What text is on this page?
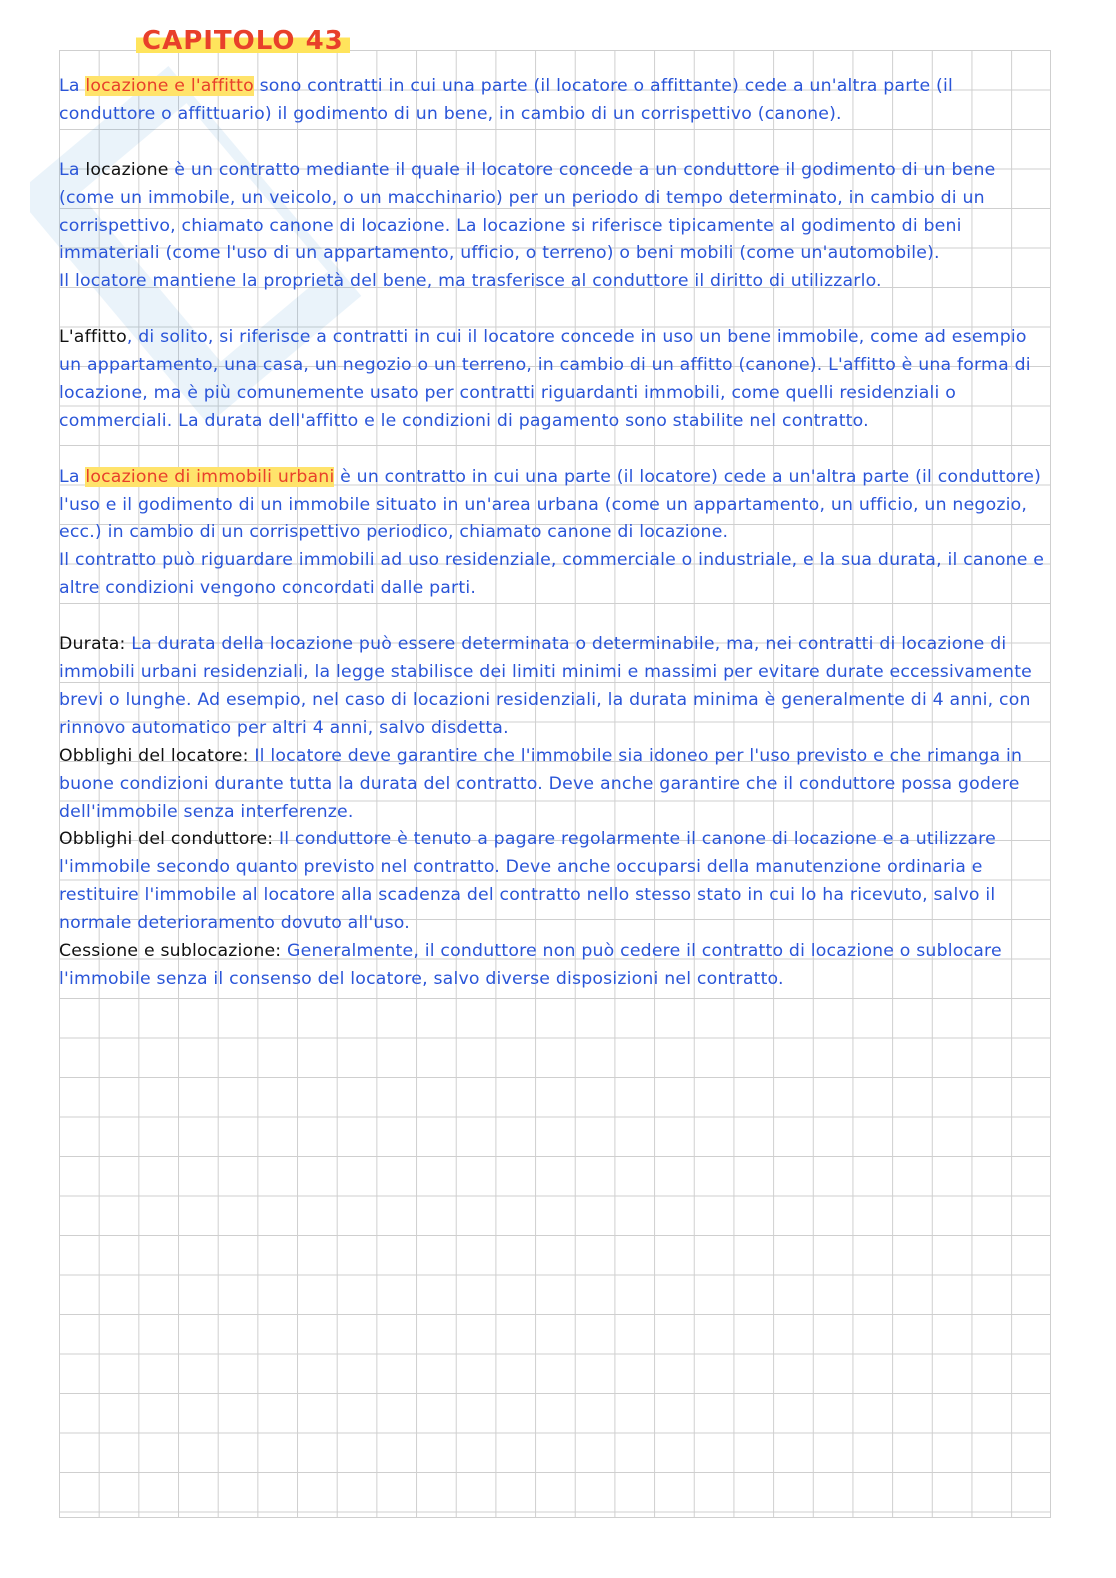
CAPITOLO 43

La locazione e l'affitto sono contratti in cui una parte (il locatore o affittante) cede a un'altra parte (il

conduttore o affittuario) il godimento di un bene, in cambio di un corrispettivo (canone).

La locazione è un contratto mediante il quale il locatore concede a un conduttore il godimento di un bene

(come un immobile, un veicolo, o un macchinario) per un periodo di tempo determinato, in cambio di un

corrispettivo, chiamato canone di locazione. La locazione si riferisce tipicamente al godimento di beni

immateriali (come l'uso di un appartamento, ufficio, o terreno) o beni mobili (come un'automobile).

Il locatore mantiene la proprietà del bene, ma trasferisce al conduttore il diritto di utilizzarlo.

L'affitto, di solito, si riferisce a contratti in cui il locatore concede in uso un bene immobile, come ad esempio

un appartamento, una casa, un negozio o un terreno, in cambio di un affitto (canone). L'affitto è una forma di

locazione, ma è più comunemente usato per contratti riguardanti immobili, come quelli residenziali o

commerciali. La durata dell'affitto e le condizioni di pagamento sono stabilite nel contratto.

La locazione di immobili urbani è un contratto in cui una parte (il locatore) cede a un'altra parte (il conduttore)

l'uso e il godimento di un immobile situato in un'area urbana (come un appartamento, un ufficio, un negozio,

ecc.) in cambio di un corrispettivo periodico, chiamato canone di locazione.

Il contratto può riguardare immobili ad uso residenziale, commerciale o industriale, e la sua durata, il canone e

altre condizioni vengono concordati dalle parti.

Durata: La durata della locazione può essere determinata o determinabile, ma, nei contratti di locazione di

immobili urbani residenziali, la legge stabilisce dei limiti minimi e massimi per evitare durate eccessivamente

brevi o lunghe. Ad esempio, nel caso di locazioni residenziali, la durata minima è generalmente di 4 anni, con

rinnovo automatico per altri 4 anni, salvo disdetta.

Obblighi del locatore: Il locatore deve garantire che l'immobile sia idoneo per l'uso previsto e che rimanga in

buone condizioni durante tutta la durata del contratto. Deve anche garantire che il conduttore possa godere

dell'immobile senza interferenze.

Obblighi del conduttore: Il conduttore è tenuto a pagare regolarmente il canone di locazione e a utilizzare

l'immobile secondo quanto previsto nel contratto. Deve anche occuparsi della manutenzione ordinaria e

restituire l'immobile al locatore alla scadenza del contratto nello stesso stato in cui lo ha ricevuto, salvo il

normale deterioramento dovuto all'uso.

Cessione e sublocazione: Generalmente, il conduttore non può cedere il contratto di locazione o sublocare

l'immobile senza il consenso del locatore, salvo diverse disposizioni nel contratto.
